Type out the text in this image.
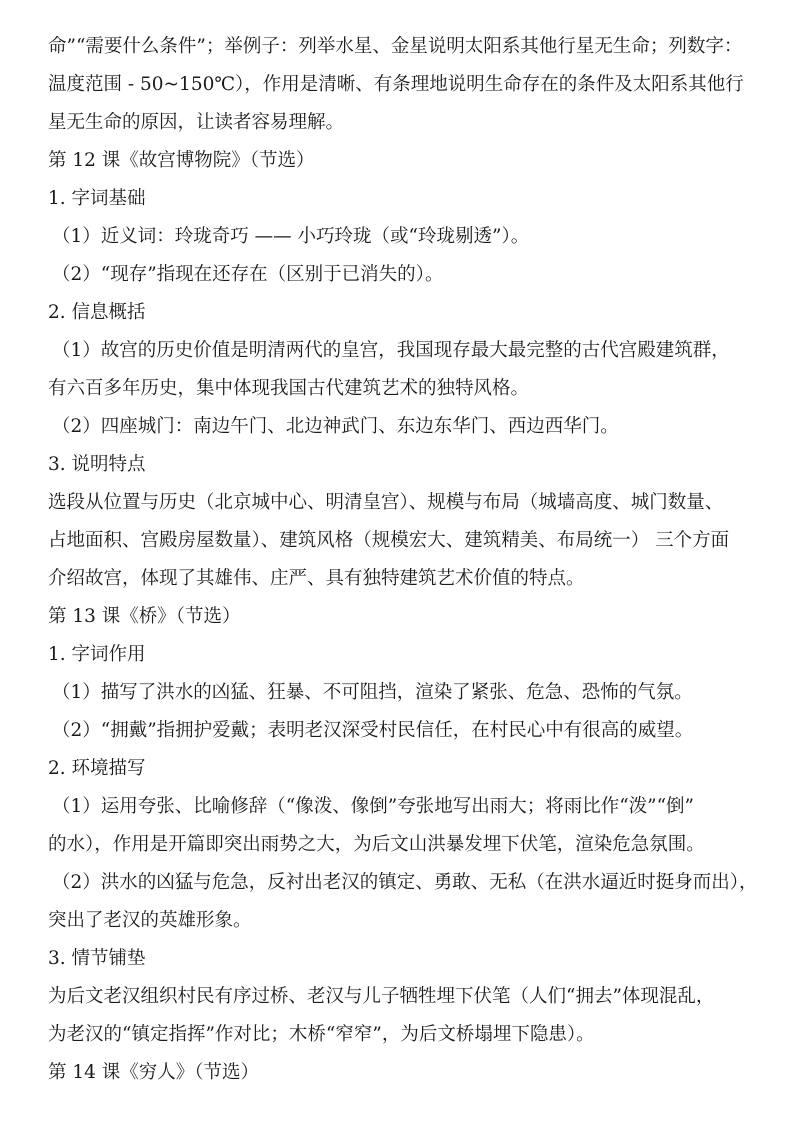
命”“需要什么条件”；举例子：列举水星、金星说明太阳系其他行星无生命；列数字：
温度范围 - 50~150℃），作用是清晰、有条理地说明生命存在的条件及太阳系其他行
星无生命的原因，让读者容易理解。
第 12 课《故宫博物院》（节选）
1. 字词基础
（1）近义词：玲珑奇巧 —— 小巧玲珑（或“玲珑剔透”）。
（2）“现存”指现在还存在（区别于已消失的）。
2. 信息概括
（1）故宫的历史价值是明清两代的皇宫，我国现存最大最完整的古代宫殿建筑群，
有六百多年历史，集中体现我国古代建筑艺术的独特风格。
（2）四座城门：南边午门、北边神武门、东边东华门、西边西华门。
3. 说明特点
选段从位置与历史（北京城中心、明清皇宫）、规模与布局（城墙高度、城门数量、
占地面积、宫殿房屋数量）、建筑风格（规模宏大、建筑精美、布局统一） 三个方面
介绍故宫，体现了其雄伟、庄严、具有独特建筑艺术价值的特点。
第 13 课《桥》（节选）
1. 字词作用
（1）描写了洪水的凶猛、狂暴、不可阻挡，渲染了紧张、危急、恐怖的气氛。
（2）“拥戴”指拥护爱戴；表明老汉深受村民信任，在村民心中有很高的威望。
2. 环境描写
（1）运用夸张、比喻修辞（“像泼、像倒”夸张地写出雨大；将雨比作“泼”“倒”
的水），作用是开篇即突出雨势之大，为后文山洪暴发埋下伏笔，渲染危急氛围。
（2）洪水的凶猛与危急，反衬出老汉的镇定、勇敢、无私（在洪水逼近时挺身而出），
突出了老汉的英雄形象。
3. 情节铺垫
为后文老汉组织村民有序过桥、老汉与儿子牺牲埋下伏笔（人们“拥去”体现混乱，
为老汉的“镇定指挥”作对比；木桥“窄窄”，为后文桥塌埋下隐患）。
第 14 课《穷人》（节选）
